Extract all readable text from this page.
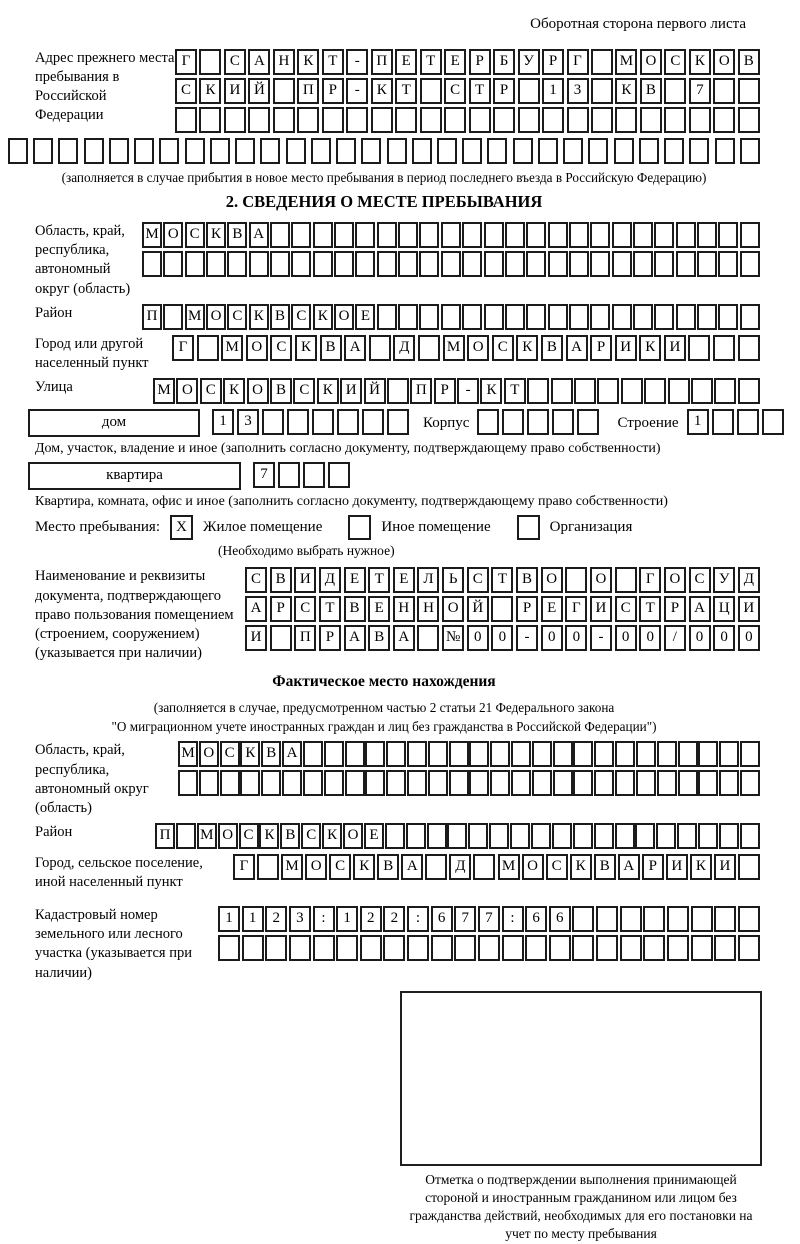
Оборотная сторона первого листа
Адрес прежнего места пребывания в Российской Федерации
Г	С А Н К Т	-	П Е	Т	Е	Р	Б У Р	Г	М О С К О В
С К И Й	П Р	-	К Т	С Т	Р	1	3	К В	7
(заполняется в случае прибытия в новое место пребывания в период последнего въезда в Российскую Федерацию)
2. СВЕДЕНИЯ О МЕСТЕ ПРЕБЫВАНИЯ
Область, край, республика, автономный округ (область)
М О С К В А
Район	П	М О С К В С К О Е
Город или другой населенный пункт
Г	М О С К В А	Д	М О С К В А	Р	И К И
Улица	М О С К О В С К И Й	П Р	-	К Т
дом	1	3	Корпус	Строение	1
Дом, участок, владение и иное (заполнить согласно документу, подтверждающему право собственности)
квартира	7
Квартира, комната, офис и иное (заполнить согласно документу, подтверждающему право собственности)
Место пребывания:	X	Жилое помещение	Иное помещение	Организация
(Необходимо выбрать нужное)
Наименование и реквизиты документа, подтверждающего право пользования помещением (строением, сооружением) (указывается при наличии)
С В И Д Е	Т	Е Л	Ь	С	Т	В О	О	Г О С У Д
А	Р	С	Т	В	Е Н Н О Й	Р	Е	Г И С	Т	Р	А Ц И
И	П	Р	А В А	№ 0	0	-	0	0	-	0	0	/	0	0	0
Фактическое место нахождения
(заполняется в случае, предусмотренном частью 2 статьи 21 Федерального закона
"О миграционном учете иностранных граждан и лиц без гражданства в Российской Федерации")
Область, край, республика, автономный округ (область)
М О С К В А
Район	П	М О С К В С К О Е
Город, сельское поселение, иной населенный пункт
Г	М О С К В А	Д	М О С К В А Р И К И
Кадастровый номер земельного или лесного участка (указывается при наличии)
1	1	2	3	:	1	2	2	:	6	7	7	:	6	6
Отметка о подтверждении выполнения принимающей стороной и иностранным гражданином или лицом без гражданства действий, необходимых для его постановки на учет по месту пребывания
